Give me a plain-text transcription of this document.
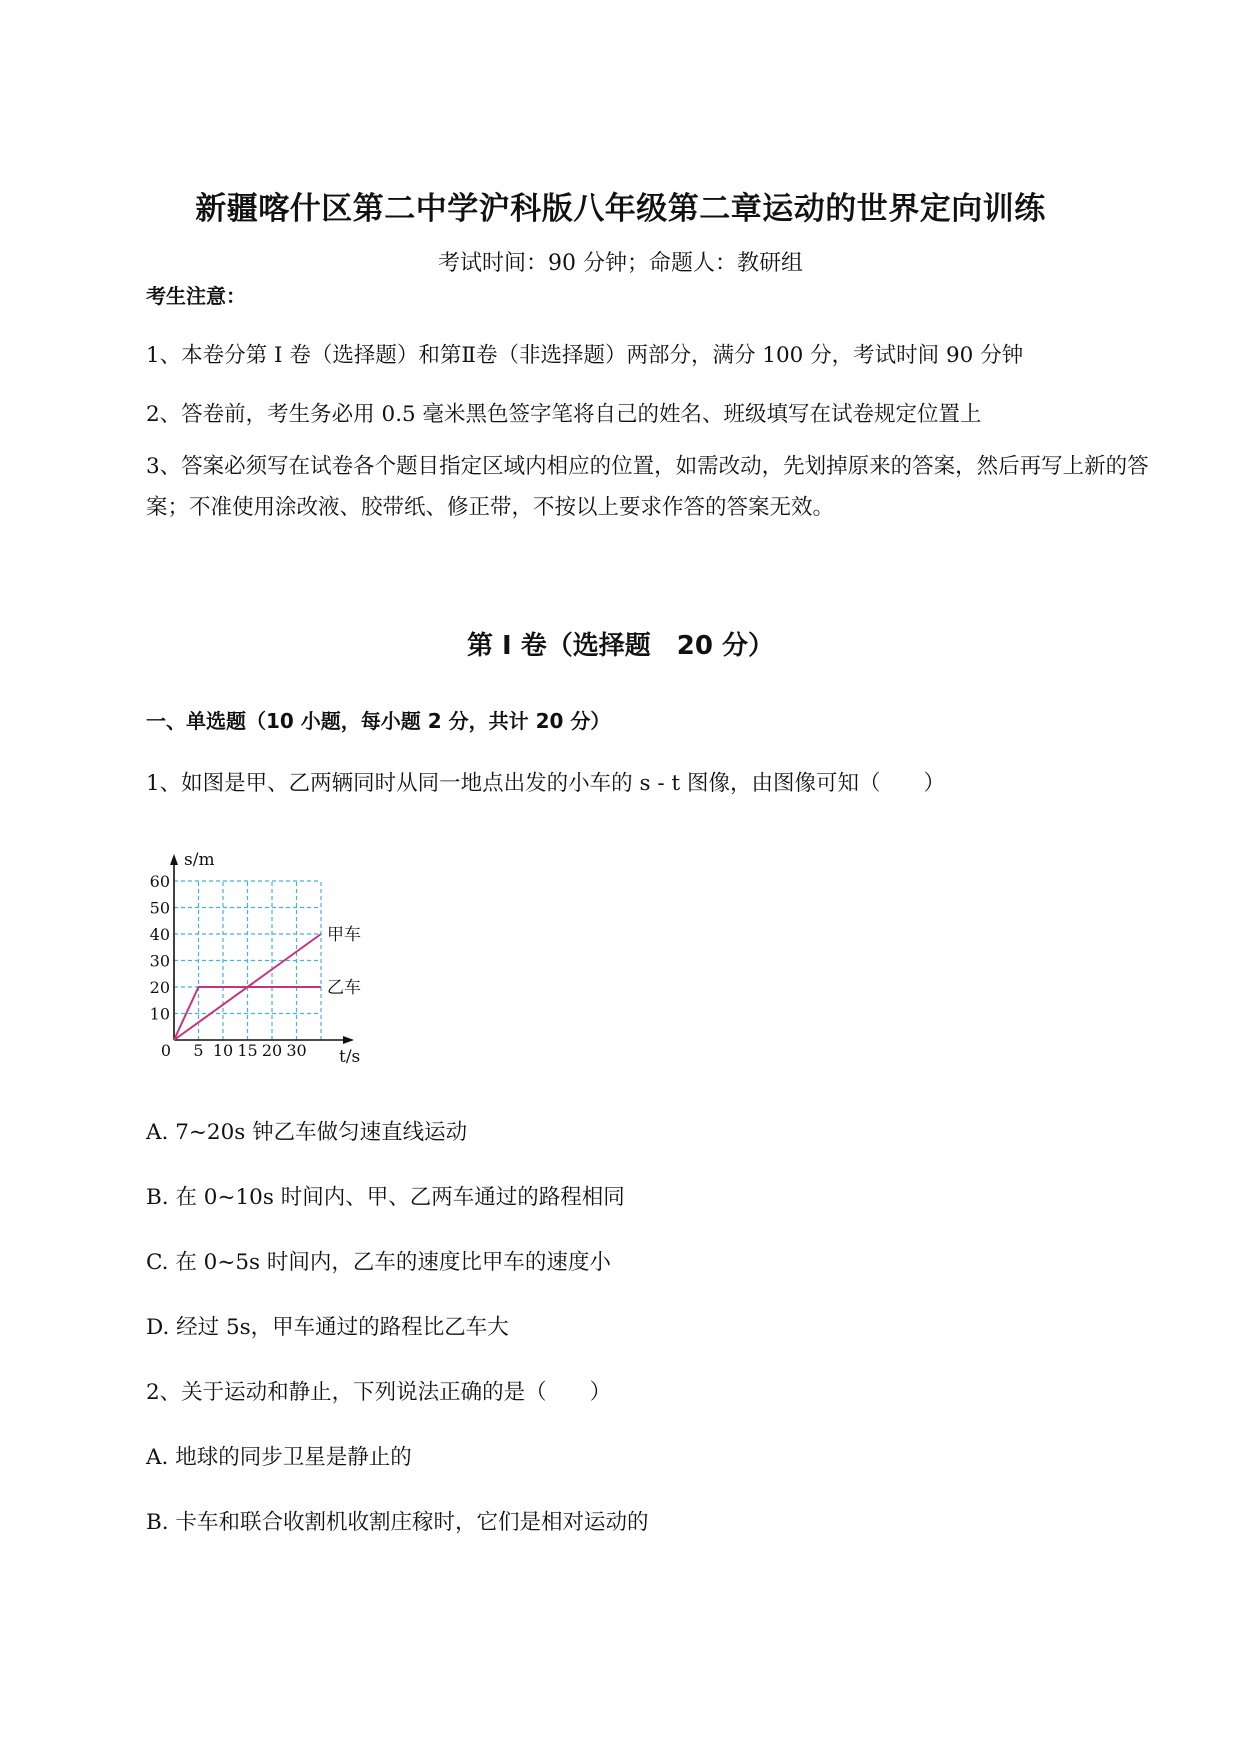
新疆喀什区第二中学沪科版八年级第二章运动的世界定向训练
考试时间：90 分钟；命题人：教研组
考生注意：
1、本卷分第 I 卷（选择题）和第Ⅱ卷（非选择题）两部分，满分 100 分，考试时间 90 分钟
2、答卷前，考生务必用 0.5 毫米黑色签字笔将自己的姓名、班级填写在试卷规定位置上
3、答案必须写在试卷各个题目指定区域内相应的位置，如需改动，先划掉原来的答案，然后再写上新的答案；不准使用涂改液、胶带纸、修正带，不按以上要求作答的答案无效。
第 I 卷（选择题　20 分）
一、单选题（10 小题，每小题 2 分，共计 20 分）
1、如图是甲、乙两辆同时从同一地点出发的小车的 s - t 图像，由图像可知（　　）
s/m
t/s
0
10
20
30
40
50
60
5 10 15 20 30
甲车
乙车
A. 7~20s 钟乙车做匀速直线运动
B. 在 0~10s 时间内、甲、乙两车通过的路程相同
C. 在 0~5s 时间内，乙车的速度比甲车的速度小
D. 经过 5s，甲车通过的路程比乙车大
2、关于运动和静止，下列说法正确的是（　　）
A. 地球的同步卫星是静止的
B. 卡车和联合收割机收割庄稼时，它们是相对运动的
